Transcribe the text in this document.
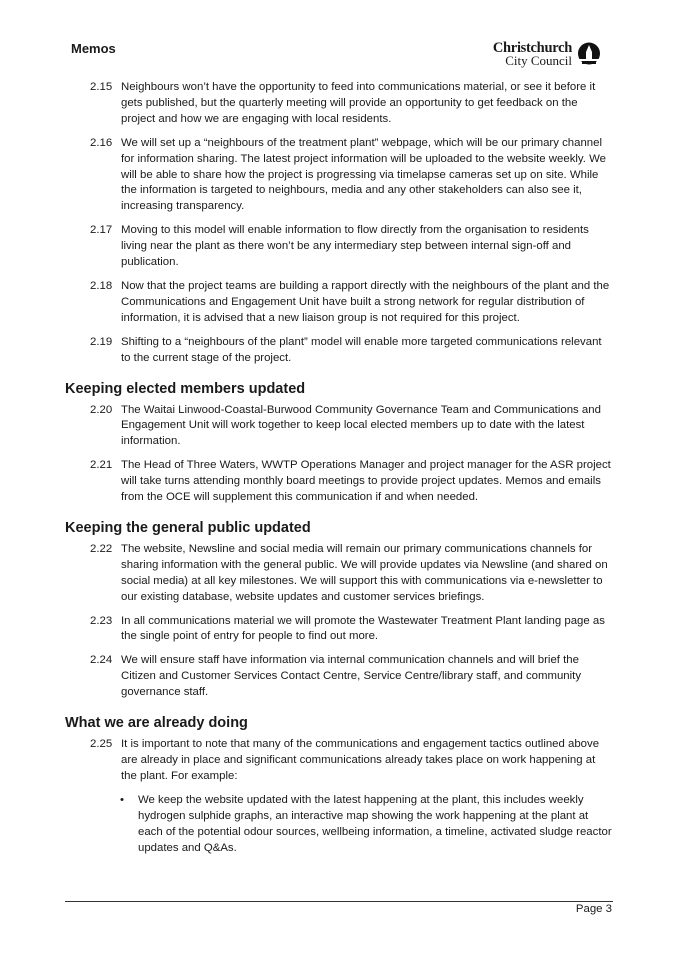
Memos	Christchurch
City Council
2.15 Neighbours won’t have the opportunity to feed into communications material, or see it before it gets published, but the quarterly meeting will provide an opportunity to get feedback on the project and how we are engaging with local residents.
2.16 We will set up a “neighbours of the treatment plant” webpage, which will be our primary channel for information sharing. The latest project information will be uploaded to the website weekly. We will be able to share how the project is progressing via timelapse cameras set up on site. While the information is targeted to neighbours, media and any other stakeholders can also see it, increasing transparency.
2.17 Moving to this model will enable information to flow directly from the organisation to residents living near the plant as there won’t be any intermediary step between internal sign-off and publication.
2.18 Now that the project teams are building a rapport directly with the neighbours of the plant and the Communications and Engagement Unit have built a strong network for regular distribution of information, it is advised that a new liaison group is not required for this project.
2.19 Shifting to a “neighbours of the plant” model will enable more targeted communications relevant to the current stage of the project.
Keeping elected members updated
2.20 The Waitai Linwood-Coastal-Burwood Community Governance Team and Communications and Engagement Unit will work together to keep local elected members up to date with the latest information.
2.21 The Head of Three Waters, WWTP Operations Manager and project manager for the ASR project will take turns attending monthly board meetings to provide project updates. Memos and emails from the OCE will supplement this communication if and when needed.
Keeping the general public updated
2.22 The website, Newsline and social media will remain our primary communications channels for sharing information with the general public. We will provide updates via Newsline (and shared on social media) at all key milestones. We will support this with communications via e-newsletter to our existing database, website updates and customer services briefings.
2.23 In all communications material we will promote the Wastewater Treatment Plant landing page as the single point of entry for people to find out more.
2.24 We will ensure staff have information via internal communication channels and will brief the Citizen and Customer Services Contact Centre, Service Centre/library staff, and community governance staff.
What we are already doing
2.25 It is important to note that many of the communications and engagement tactics outlined above are already in place and significant communications already takes place on work happening at the plant. For example:
• We keep the website updated with the latest happening at the plant, this includes weekly hydrogen sulphide graphs, an interactive map showing the work happening at the plant at each of the potential odour sources, wellbeing information, a timeline, activated sludge reactor updates and Q&As.
Page 3
